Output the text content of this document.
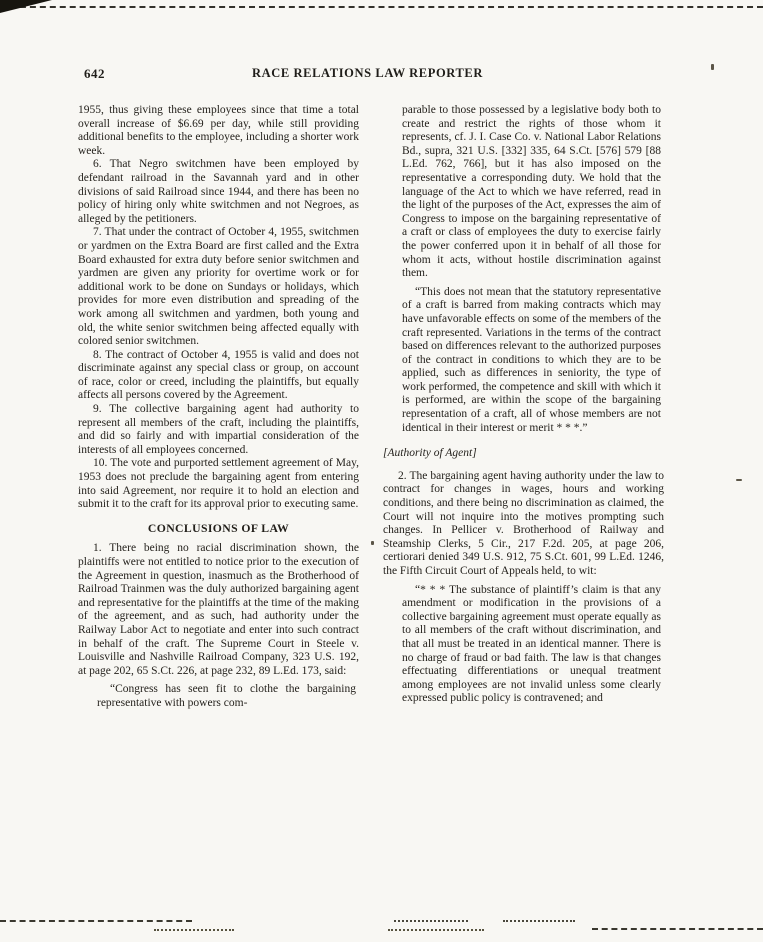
642	RACE RELATIONS LAW REPORTER

1955, thus giving these employees since that time a total overall increase of $6.69 per day, while still providing additional benefits to the employee, including a shorter work week.

6. That Negro switchmen have been employed by defendant railroad in the Savannah yard and in other divisions of said Railroad since 1944, and there has been no policy of hiring only white switchmen and not Negroes, as alleged by the petitioners.

7. That under the contract of October 4, 1955, switchmen or yardmen on the Extra Board are first called and the Extra Board exhausted for extra duty before senior switchmen and yardmen are given any priority for overtime work or for additional work to be done on Sundays or holidays, which provides for more even distribution and spreading of the work among all switchmen and yardmen, both young and old, the white senior switchmen being affected equally with colored senior switchmen.

8. The contract of October 4, 1955 is valid and does not discriminate against any special class or group, on account of race, color or creed, including the plaintiffs, but equally affects all persons covered by the Agreement.

9. The collective bargaining agent had authority to represent all members of the craft, including the plaintiffs, and did so fairly and with impartial consideration of the interests of all employees concerned.

10. The vote and purported settlement agreement of May, 1953 does not preclude the bargaining agent from entering into said Agreement, nor require it to hold an election and submit it to the craft for its approval prior to executing same.

CONCLUSIONS OF LAW

1. There being no racial discrimination shown, the plaintiffs were not entitled to notice prior to the execution of the Agreement in question, inasmuch as the Brotherhood of Railroad Trainmen was the duly authorized bargaining agent and representative for the plaintiffs at the time of the making of the agreement, and as such, had authority under the Railway Labor Act to negotiate and enter into such contract in behalf of the craft. The Supreme Court in Steele v. Louisville and Nashville Railroad Company, 323 U.S. 192, at page 202, 65 S.Ct. 226, at page 232, 89 L.Ed. 173, said:

“Congress has seen fit to clothe the bargaining representative with powers com-

parable to those possessed by a legislative body both to create and restrict the rights of those whom it represents, cf. J. I. Case Co. v. National Labor Relations Bd., supra, 321 U.S. [332] 335, 64 S.Ct. [576] 579 [88 L.Ed. 762, 766], but it has also imposed on the representative a corresponding duty. We hold that the language of the Act to which we have referred, read in the light of the purposes of the Act, expresses the aim of Congress to impose on the bargaining representative of a craft or class of employees the duty to exercise fairly the power conferred upon it in behalf of all those for whom it acts, without hostile discrimination against them.

“This does not mean that the statutory representative of a craft is barred from making contracts which may have unfavorable effects on some of the members of the craft represented. Variations in the terms of the contract based on differences relevant to the authorized purposes of the contract in conditions to which they are to be applied, such as differences in seniority, the type of work performed, the competence and skill with which it is performed, are within the scope of the bargaining representation of a craft, all of whose members are not identical in their interest or merit * * *.”

[Authority of Agent]

2. The bargaining agent having authority under the law to contract for changes in wages, hours and working conditions, and there being no discrimination as claimed, the Court will not inquire into the motives prompting such changes. In Pellicer v. Brotherhood of Railway and Steamship Clerks, 5 Cir., 217 F.2d. 205, at page 206, certiorari denied 349 U.S. 912, 75 S.Ct. 601, 99 L.Ed. 1246, the Fifth Circuit Court of Appeals held, to wit:

“* * * The substance of plaintiff’s claim is that any amendment or modification in the provisions of a collective bargaining agreement must operate equally as to all members of the craft without discrimination, and that all must be treated in an identical manner. There is no charge of fraud or bad faith. The law is that changes effectuating differentiations or unequal treatment among employees are not invalid unless some clearly expressed public policy is contravened; and
